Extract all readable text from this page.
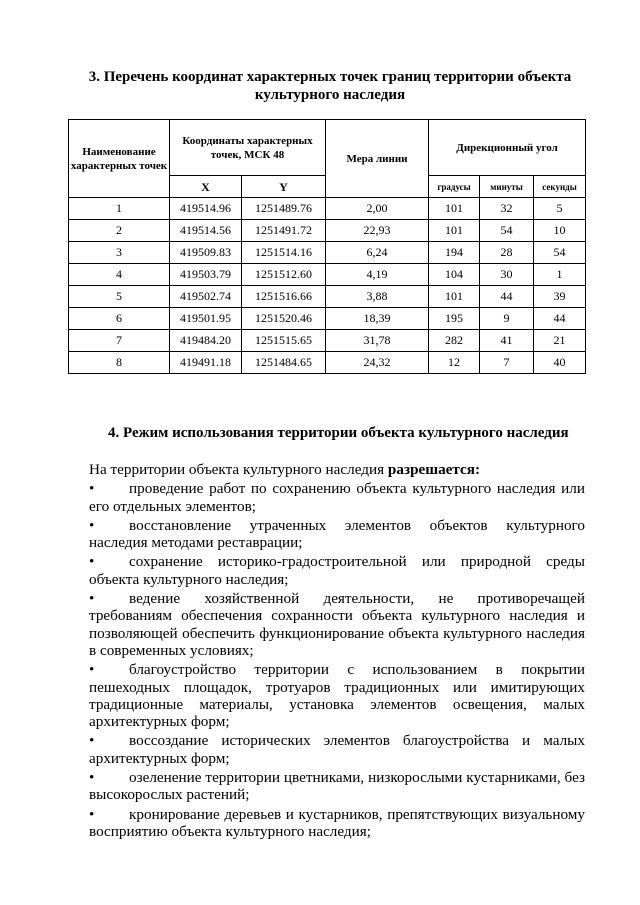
3. Перечень координат характерных точек границ территории объекта культурного наследия
Наименование характерных точек	Координаты характерных точек, МСК 48		Мера линии	Дирекционный угол		
	X	Y		градусы	минуты	секунды
1	419514.96	1251489.76	2,00	101	32	5
2	419514.56	1251491.72	22,93	101	54	10
3	419509.83	1251514.16	6,24	194	28	54
4	419503.79	1251512.60	4,19	104	30	1
5	419502.74	1251516.66	3,88	101	44	39
6	419501.95	1251520.46	18,39	195	9	44
7	419484.20	1251515.65	31,78	282	41	21
8	419491.18	1251484.65	24,32	12	7	40
4. Режим использования территории объекта культурного наследия

На территории объекта культурного наследия разрешается:

•	проведение работ по сохранению объекта культурного наследия или его отдельных элементов;
•	восстановление утраченных элементов объектов культурного наследия методами реставрации;
•	сохранение историко-градостроительной или природной среды объекта культурного наследия;
•	ведение хозяйственной деятельности, не противоречащей требованиям обеспечения сохранности объекта культурного наследия и позволяющей обеспечить функционирование объекта культурного наследия в современных условиях;
•	благоустройство территории с использованием в покрытии пешеходных площадок, тротуаров традиционных или имитирующих традиционные материалы, установка элементов освещения, малых архитектурных форм;
•	воссоздание исторических элементов благоустройства и малых архитектурных форм;
•	озеленение территории цветниками, низкорослыми кустарниками, без высокорослых растений;
•	кронирование деревьев и кустарников, препятствующих визуальному восприятию объекта культурного наследия;
